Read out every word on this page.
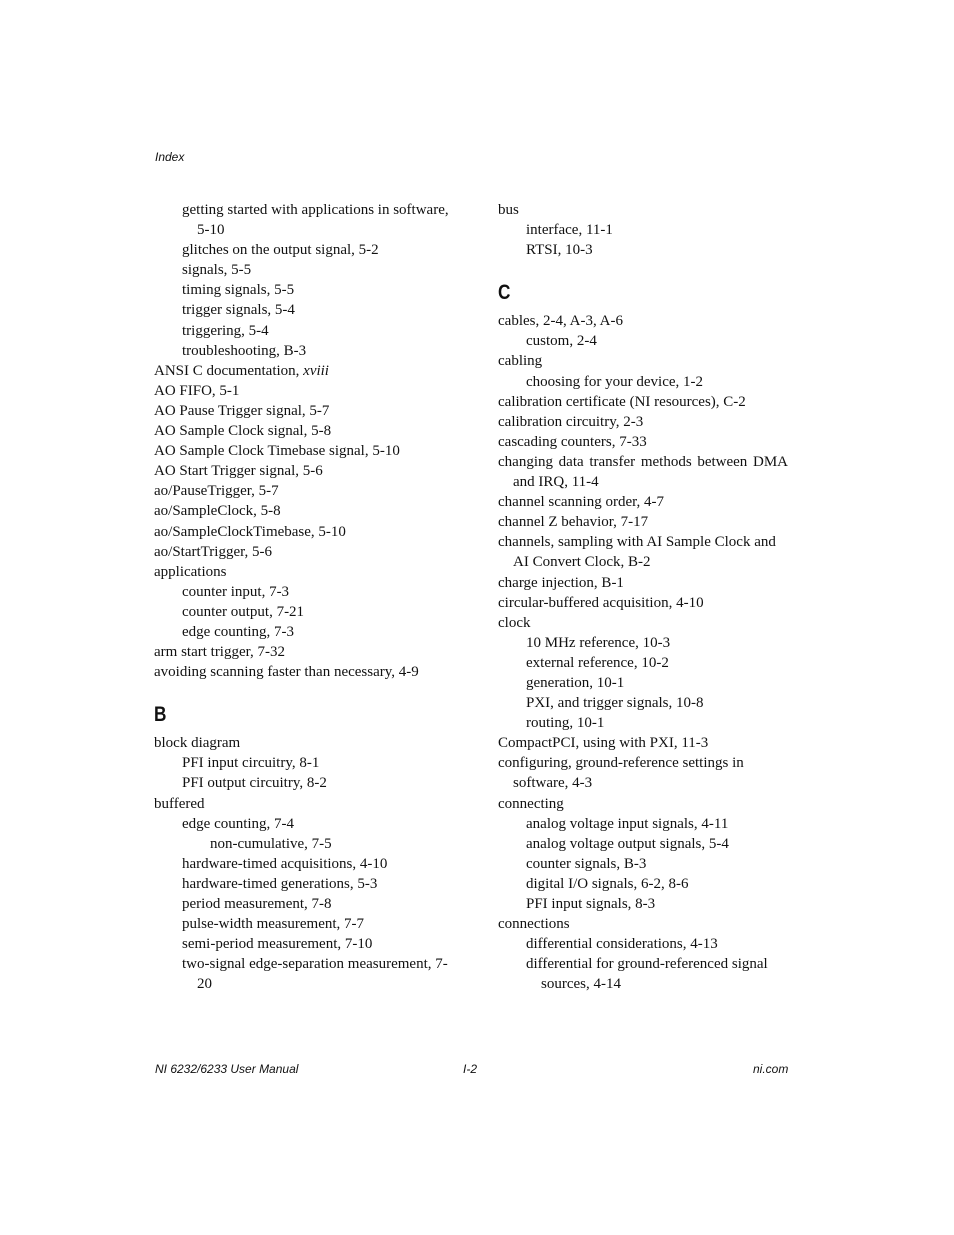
Index
getting started with applications in software, 5-10
glitches on the output signal, 5-2
signals, 5-5
timing signals, 5-5
trigger signals, 5-4
triggering, 5-4
troubleshooting, B-3
ANSI C documentation, xviii
AO FIFO, 5-1
AO Pause Trigger signal, 5-7
AO Sample Clock signal, 5-8
AO Sample Clock Timebase signal, 5-10
AO Start Trigger signal, 5-6
ao/PauseTrigger, 5-7
ao/SampleClock, 5-8
ao/SampleClockTimebase, 5-10
ao/StartTrigger, 5-6
applications
counter input, 7-3
counter output, 7-21
edge counting, 7-3
arm start trigger, 7-32
avoiding scanning faster than necessary, 4-9
B
block diagram
PFI input circuitry, 8-1
PFI output circuitry, 8-2
buffered
edge counting, 7-4
non-cumulative, 7-5
hardware-timed acquisitions, 4-10
hardware-timed generations, 5-3
period measurement, 7-8
pulse-width measurement, 7-7
semi-period measurement, 7-10
two-signal edge-separation measurement, 7-20
bus
interface, 11-1
RTSI, 10-3
C
cables, 2-4, A-3, A-6
custom, 2-4
cabling
choosing for your device, 1-2
calibration certificate (NI resources), C-2
calibration circuitry, 2-3
cascading counters, 7-33
changing data transfer methods between DMA and IRQ, 11-4
channel scanning order, 4-7
channel Z behavior, 7-17
channels, sampling with AI Sample Clock and AI Convert Clock, B-2
charge injection, B-1
circular-buffered acquisition, 4-10
clock
10 MHz reference, 10-3
external reference, 10-2
generation, 10-1
PXI, and trigger signals, 10-8
routing, 10-1
CompactPCI, using with PXI, 11-3
configuring, ground-reference settings in software, 4-3
connecting
analog voltage input signals, 4-11
analog voltage output signals, 5-4
counter signals, B-3
digital I/O signals, 6-2, 8-6
PFI input signals, 8-3
connections
differential considerations, 4-13
differential for ground-referenced signal sources, 4-14
NI 6232/6233 User Manual	I-2	ni.com
